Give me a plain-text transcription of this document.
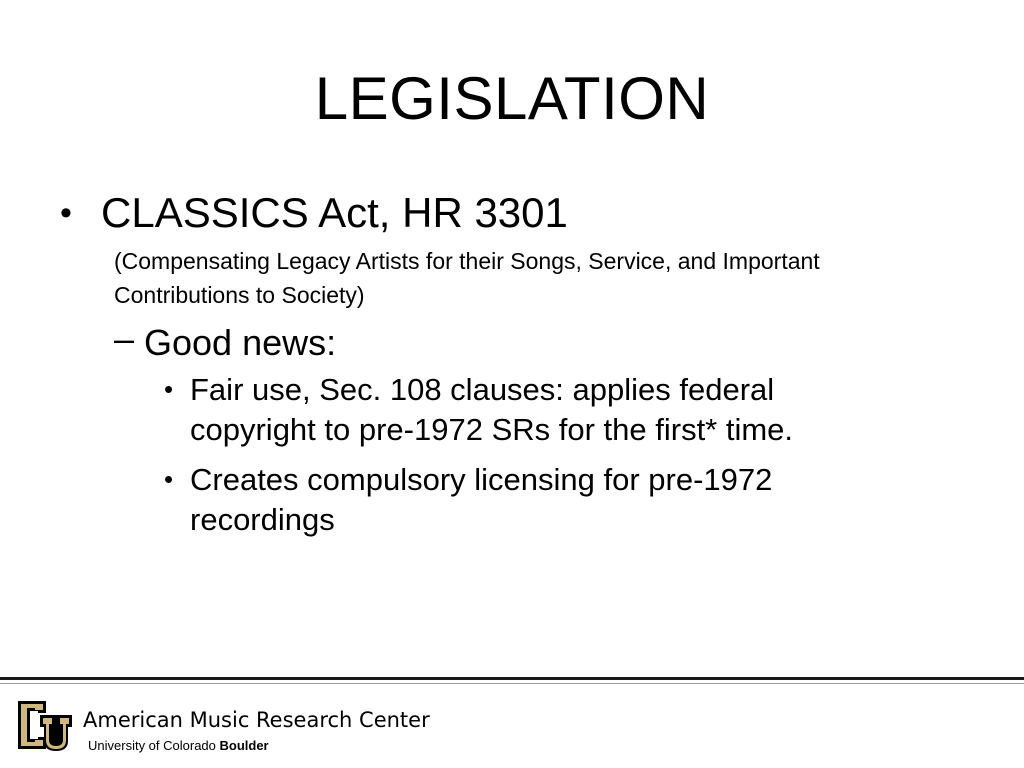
LEGISLATION
• CLASSICS Act, HR 3301
(Compensating Legacy Artists for their Songs, Service, and Important Contributions to Society)
– Good news:
• Fair use, Sec. 108 clauses: applies federal copyright to pre-1972 SRs for the first* time.
• Creates compulsory licensing for pre-1972 recordings
American Music Research Center
University of Colorado Boulder
